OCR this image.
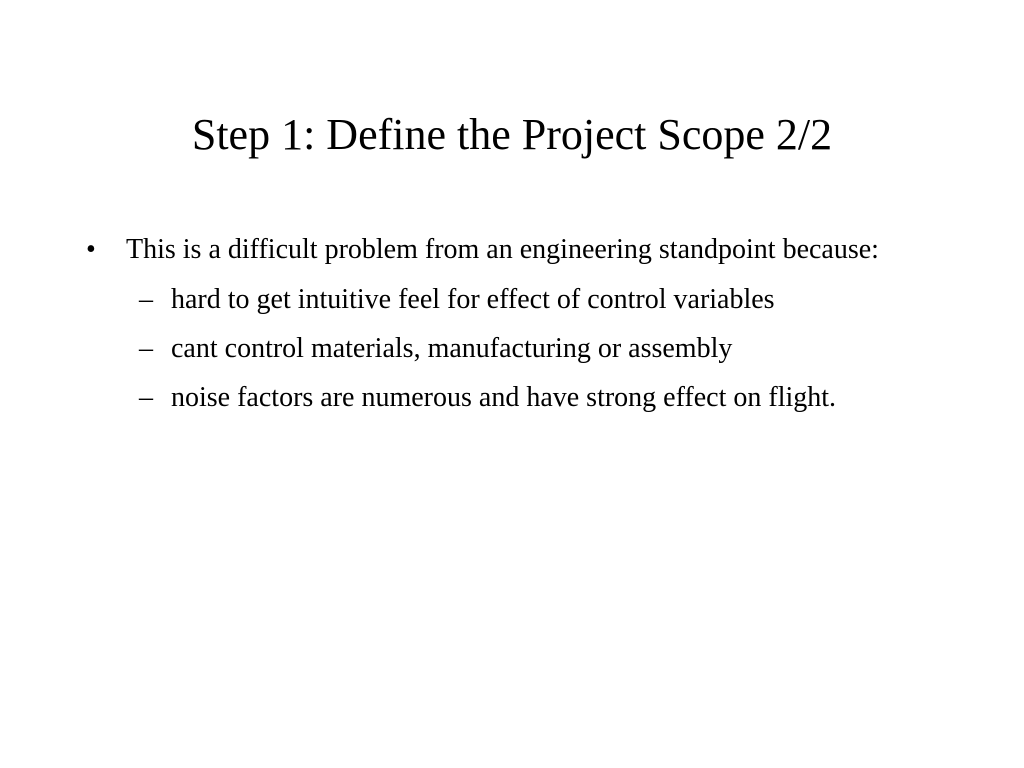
Step 1: Define the Project Scope 2/2
• This is a difficult problem from an engineering standpoint because:
– hard to get intuitive feel for effect of control variables
– cant control materials, manufacturing or assembly
– noise factors are numerous and have strong effect on flight.
